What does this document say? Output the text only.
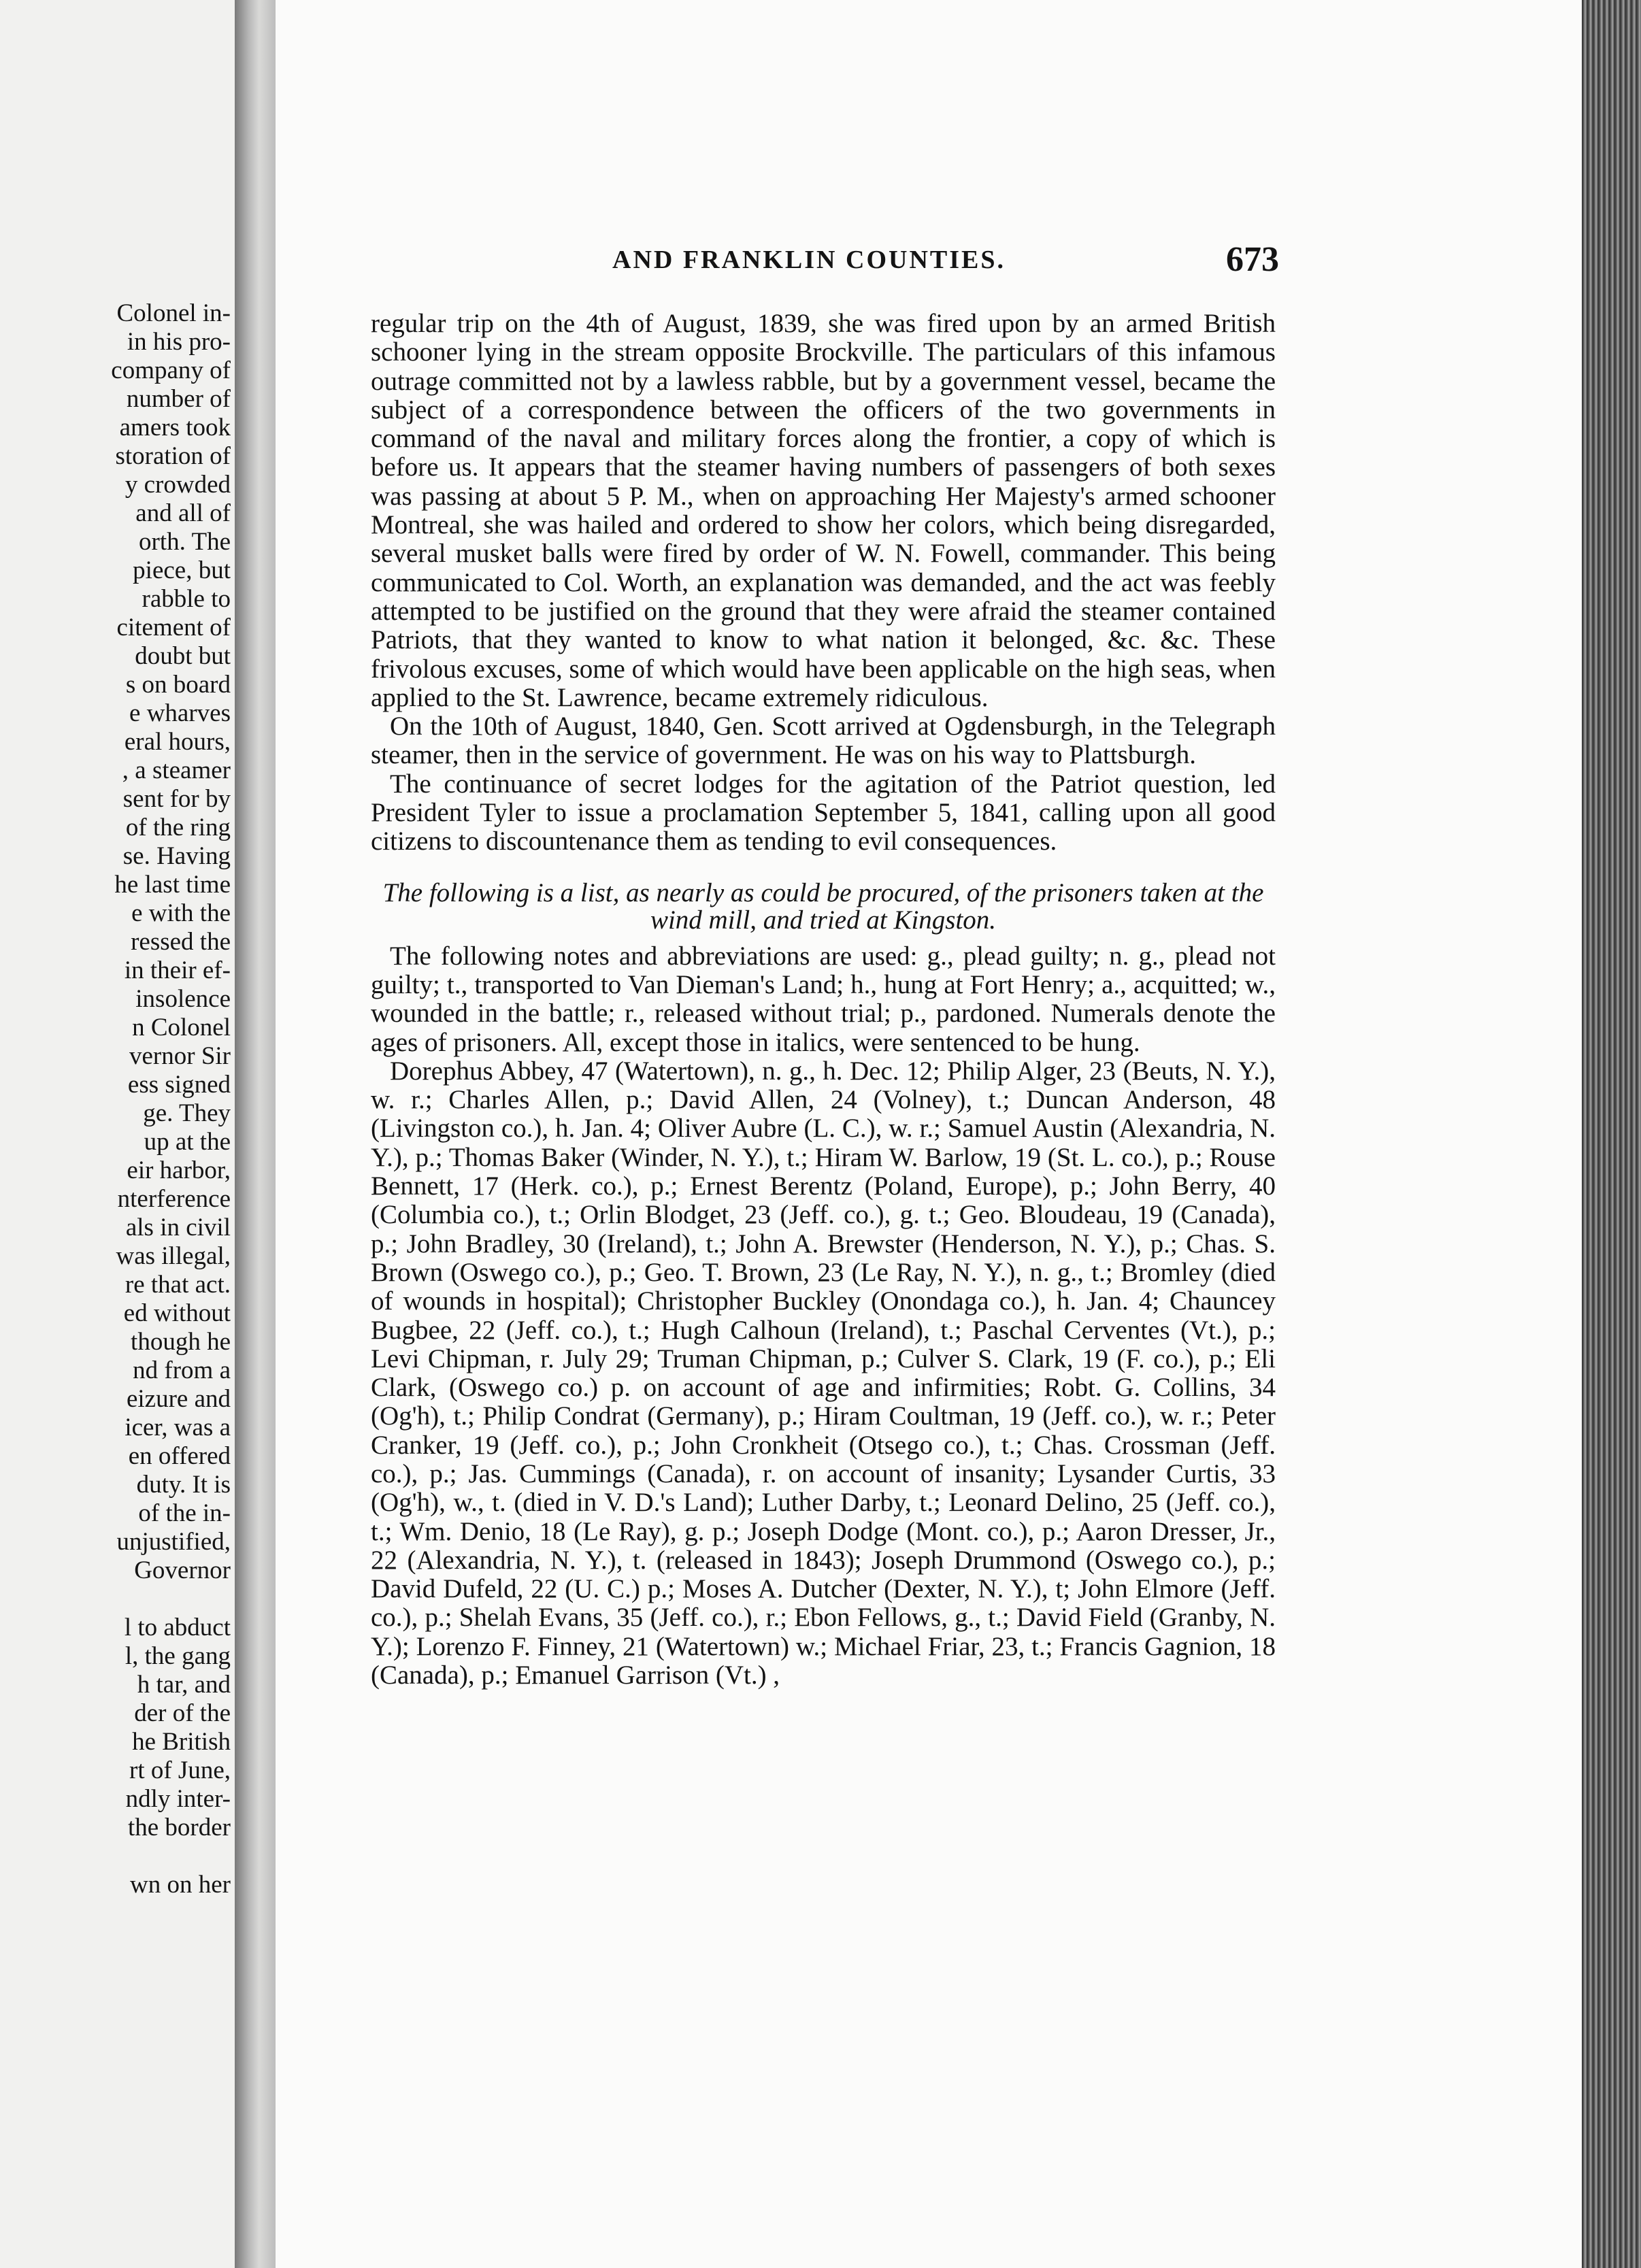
Colonel in-
in his pro-
company of
number of
amers took
storation of
y crowded
and all of
orth. The
piece, but
rabble to
citement of
doubt but
s on board
e wharves
eral hours,
, a steamer
sent for by
of the ring
se. Having
he last time
e with the
ressed the
in their ef-
insolence
n Colonel
vernor Sir
ess signed
ge. They
up at the
eir harbor,
nterference
als in civil
was illegal,
re that act.
ed without
though he
nd from a
eizure and
icer, was a
en offered
duty. It is
of the in-
unjustified,
Governor
l to abduct
l, the gang
h tar, and
der of the
he British
rt of June,
ndly inter-
the border
wn on her
AND FRANKLIN COUNTIES.	673

regular trip on the 4th of August, 1839, she was fired upon by an armed British schooner lying in the stream opposite Brockville. The particulars of this infamous outrage committed not by a lawless rabble, but by a government vessel, became the subject of a correspondence between the officers of the two governments in command of the naval and military forces along the frontier, a copy of which is before us. It appears that the steamer having numbers of passengers of both sexes was passing at about 5 P. M., when on approaching Her Majesty's armed schooner Montreal, she was hailed and ordered to show her colors, which being disregarded, several musket balls were fired by order of W. N. Fowell, commander. This being communicated to Col. Worth, an explanation was demanded, and the act was feebly attempted to be justified on the ground that they were afraid the steamer contained Patriots, that they wanted to know to what nation it belonged, &c. &c. These frivolous excuses, some of which would have been applicable on the high seas, when applied to the St. Lawrence, became extremely ridiculous.

On the 10th of August, 1840, Gen. Scott arrived at Ogdensburgh, in the Telegraph steamer, then in the service of government. He was on his way to Plattsburgh.

The continuance of secret lodges for the agitation of the Patriot question, led President Tyler to issue a proclamation September 5, 1841, calling upon all good citizens to discountenance them as tending to evil consequences.

The following is a list, as nearly as could be procured, of the prisoners taken at the wind mill, and tried at Kingston.

The following notes and abbreviations are used: g., plead guilty; n. g., plead not guilty; t., transported to Van Dieman's Land; h., hung at Fort Henry; a., acquitted; w., wounded in the battle; r., released without trial; p., pardoned. Numerals denote the ages of prisoners. All, except those in italics, were sentenced to be hung.

Dorephus Abbey, 47 (Watertown), n. g., h. Dec. 12; Philip Alger, 23 (Beuts, N. Y.), w. r.; Charles Allen, p.; David Allen, 24 (Volney), t.; Duncan Anderson, 48 (Livingston co.), h. Jan. 4; Oliver Aubre (L. C.), w. r.; Samuel Austin (Alexandria, N. Y.), p.; Thomas Baker (Winder, N. Y.), t.; Hiram W. Barlow, 19 (St. L. co.), p.; Rouse Bennett, 17 (Herk. co.), p.; Ernest Berentz (Poland, Europe), p.; John Berry, 40 (Columbia co.), t.; Orlin Blodget, 23 (Jeff. co.), g. t.; Geo. Bloudeau, 19 (Canada), p.; John Bradley, 30 (Ireland), t.; John A. Brewster (Henderson, N. Y.), p.; Chas. S. Brown (Oswego co.), p.; Geo. T. Brown, 23 (Le Ray, N. Y.), n. g., t.; Bromley (died of wounds in hospital); Christopher Buckley (Onondaga co.), h. Jan. 4; Chauncey Bugbee, 22 (Jeff. co.), t.; Hugh Calhoun (Ireland), t.; Paschal Cerventes (Vt.), p.; Levi Chipman, r. July 29; Truman Chipman, p.; Culver S. Clark, 19 (F. co.), p.; Eli Clark, (Oswego co.) p. on account of age and infirmities; Robt. G. Collins, 34 (Og'h), t.; Philip Condrat (Germany), p.; Hiram Coultman, 19 (Jeff. co.), w. r.; Peter Cranker, 19 (Jeff. co.), p.; John Cronkheit (Otsego co.), t.; Chas. Crossman (Jeff. co.), p.; Jas. Cummings (Canada), r. on account of insanity; Lysander Curtis, 33 (Og'h), w., t. (died in V. D.'s Land); Luther Darby, t.; Leonard Delino, 25 (Jeff. co.), t.; Wm. Denio, 18 (Le Ray), g. p.; Joseph Dodge (Mont. co.), p.; Aaron Dresser, Jr., 22 (Alexandria, N. Y.), t. (released in 1843); Joseph Drummond (Oswego co.), p.; David Dufeld, 22 (U. C.) p.; Moses A. Dutcher (Dexter, N. Y.), t; John Elmore (Jeff. co.), p.; Shelah Evans, 35 (Jeff. co.), r.; Ebon Fellows, g., t.; David Field (Granby, N. Y.); Lorenzo F. Finney, 21 (Watertown) w.; Michael Friar, 23, t.; Francis Gagnion, 18 (Canada), p.; Emanuel Garrison (Vt.) ,
